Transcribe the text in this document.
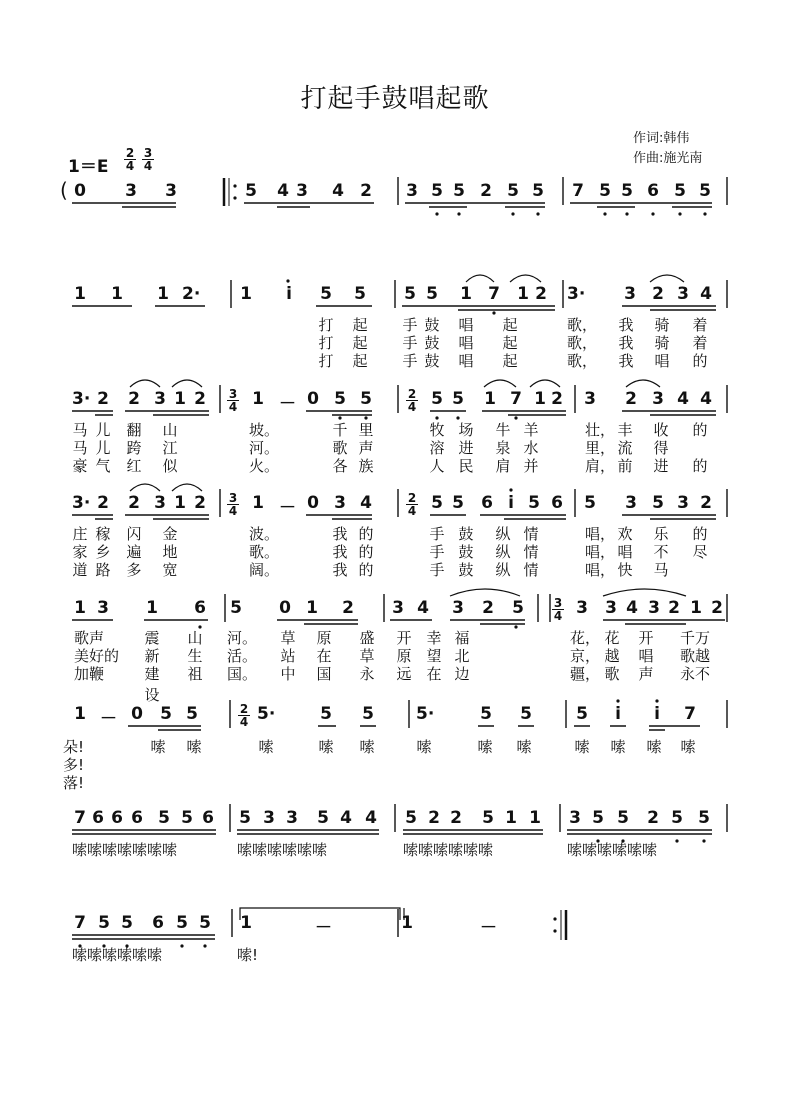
打起手鼓唱起歌
作词:韩伟
作曲:施光南
$1=E \frac{2}{4} \frac{3}{4}$
0 3 3	5 4 3 4 2 3 5 5 2 5 5 7 5 5 6 5 5
(
1 1 1 2· 1 i 5 5 5 5 1 7 1 2 3· 3 2 3 4
打 起 手 鼓 唱 起	歌， 我 骑 着
打 起 手 鼓 唱 起	歌， 我 骑 着
打 起 手 鼓 唱 起	歌， 我 唱 的
3· 2 2 3 1 2	1 － 0 5 5	5 5 1 7 1 2 3 2 3 4 4
$\frac{3}{4}$	$\frac{2}{4}$
马 儿 翻 山	坡。	千 里	牧 场 牛 羊	壮， 丰 收 的
马 儿 跨 江	河。	歌 声	溶 进 泉 水	里， 流 得
豪 气 红 似	火。	各 族	人 民 肩 并	肩， 前 进 的
3· 2 2 3 1 2	1 － 0 3 4	5 5 6 i 5 6 5 3 5 3 2
$\frac{3}{4}$	$\frac{2}{4}$
庄 稼 闪 金	波。	我 的	手 鼓 纵 情	唱， 欢 乐 的
家 乡 遍 地	歌。	我 的	手 鼓 纵 情	唱， 唱 不 尽
道 路 多 宽	阔。	我 的	手 鼓 纵 情	唱， 快 马
1 3 1 6 5 0 1 2 3 4 3 2 5	3 3 4 3 2 1 2
$\frac{3}{4}$
歌声	震 山 河。 草 原 盛 开 幸 福	花， 花 开 千万
美好的 新 生 活。 站 在 草 原 望 北	京， 越 唱 歌越
加鞭	建设
祖 国。 中 国 永 远 在 边	疆， 歌 声 永不
1 － 0 5 5	5·	5 5 5·	5 5	5 i i 7
$\frac{2}{4}$
朵!	嗦 嗦	嗦	嗦 嗦	嗦	嗦 嗦	嗦 嗦 嗦 嗦
多!
落!
7 6 6 6 5 5 6 5 3 3 5 4 4 5 2 2 5 1 1 3 5 5 2 5 5
嗦嗦嗦嗦嗦嗦嗦	嗦嗦嗦嗦嗦嗦	嗦嗦嗦嗦嗦嗦	嗦嗦嗦嗦嗦嗦
7 5 5 6 5 5 1	－	1	－
嗦嗦嗦嗦嗦嗦	嗦!
